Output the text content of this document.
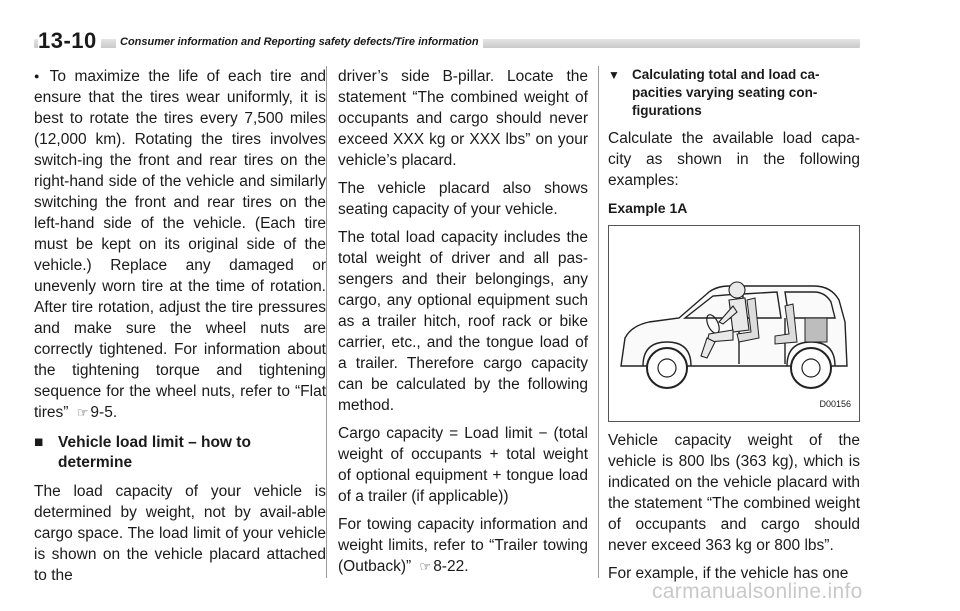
13-10	Consumer information and Reporting safety defects/Tire information

● To maximize the life of each tire and ensure that the tires wear uniformly, it is best to rotate the tires every 7,500 miles (12,000 km). Rotating the tires involves switch-ing the front and rear tires on the right-hand side of the vehicle and similarly switching the front and rear tires on the left-hand side of the vehicle. (Each tire must be kept on its original side of the vehicle.) Replace any damaged or unevenly worn tire at the time of rotation. After tire rotation, adjust the tire pressures and make sure the wheel nuts are correctly tightened. For information about the tightening torque and tightening sequence for the wheel nuts, refer to “Flat tires” ☞ 9-5.

■ Vehicle load limit – how to determine

The load capacity of your vehicle is determined by weight, not by avail-able cargo space. The load limit of your vehicle is shown on the vehicle placard attached to the

driver’s side B-pillar. Locate the statement “The combined weight of occupants and cargo should never exceed XXX kg or XXX lbs” on your vehicle’s placard.

The vehicle placard also shows seating capacity of your vehicle.

The total load capacity includes the total weight of driver and all pas-sengers and their belongings, any cargo, any optional equipment such as a trailer hitch, roof rack or bike carrier, etc., and the tongue load of a trailer. Therefore cargo capacity can be calculated by the following method.

Cargo capacity = Load limit − (total weight of occupants + total weight of optional equipment + tongue load of a trailer (if applicable))

For towing capacity information and weight limits, refer to “Trailer towing (Outback)” ☞ 8-22.

▼ Calculating total and load ca-pacities varying seating con-figurations

Calculate the available load capa-city as shown in the following examples:

Example 1A
D00156

Vehicle capacity weight of the vehicle is 800 lbs (363 kg), which is indicated on the vehicle placard with the statement “The combined weight of occupants and cargo should never exceed 363 kg or 800 lbs”.

For example, if the vehicle has one

carmanualsonline.info
